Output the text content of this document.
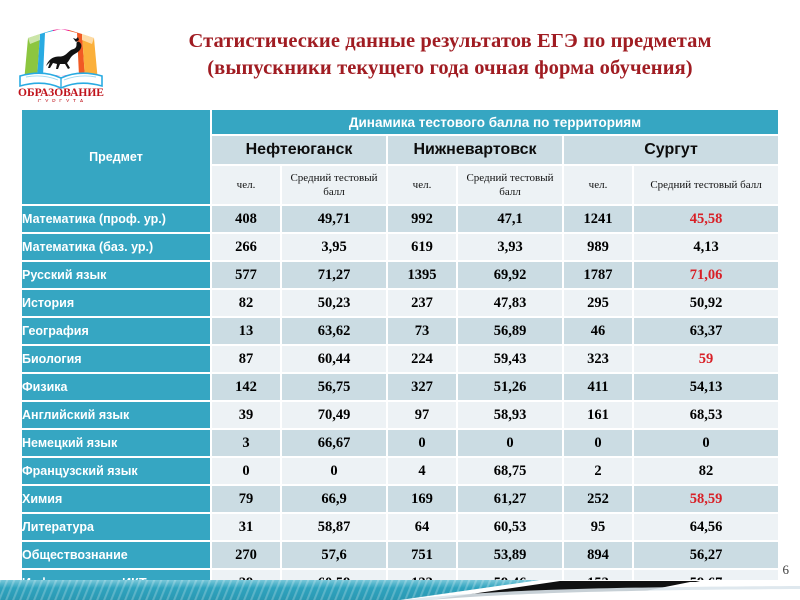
ОБРАЗОВАНИЕ
С У Р Г У Т А
Статистические данные результатов ЕГЭ по предметам
(выпускники текущего года очная форма обучения)
Предмет	Динамика тестового балла по территориям					
	Нефтеюганск		Нижневартовск		Сургут	
	чел.	Средний тестовый балл	чел.	Средний тестовый балл	чел.	Средний тестовый балл
Математика (проф. ур.)	408	49,71	992	47,1	1241	45,58
Математика (баз. ур.)	266	3,95	619	3,93	989	4,13
Русский язык	577	71,27	1395	69,92	1787	71,06
История	82	50,23	237	47,83	295	50,92
География	13	63,62	73	56,89	46	63,37
Биология	87	60,44	224	59,43	323	59
Физика	142	56,75	327	51,26	411	54,13
Английский язык	39	70,49	97	58,93	161	68,53
Немецкий язык	3	66,67	0	0	0	0
Французский язык	0	0	4	68,75	2	82
Химия	79	66,9	169	61,27	252	58,59
Литература	31	58,87	64	60,53	95	64,56
Обществознание	270	57,6	751	53,89	894	56,27

6
